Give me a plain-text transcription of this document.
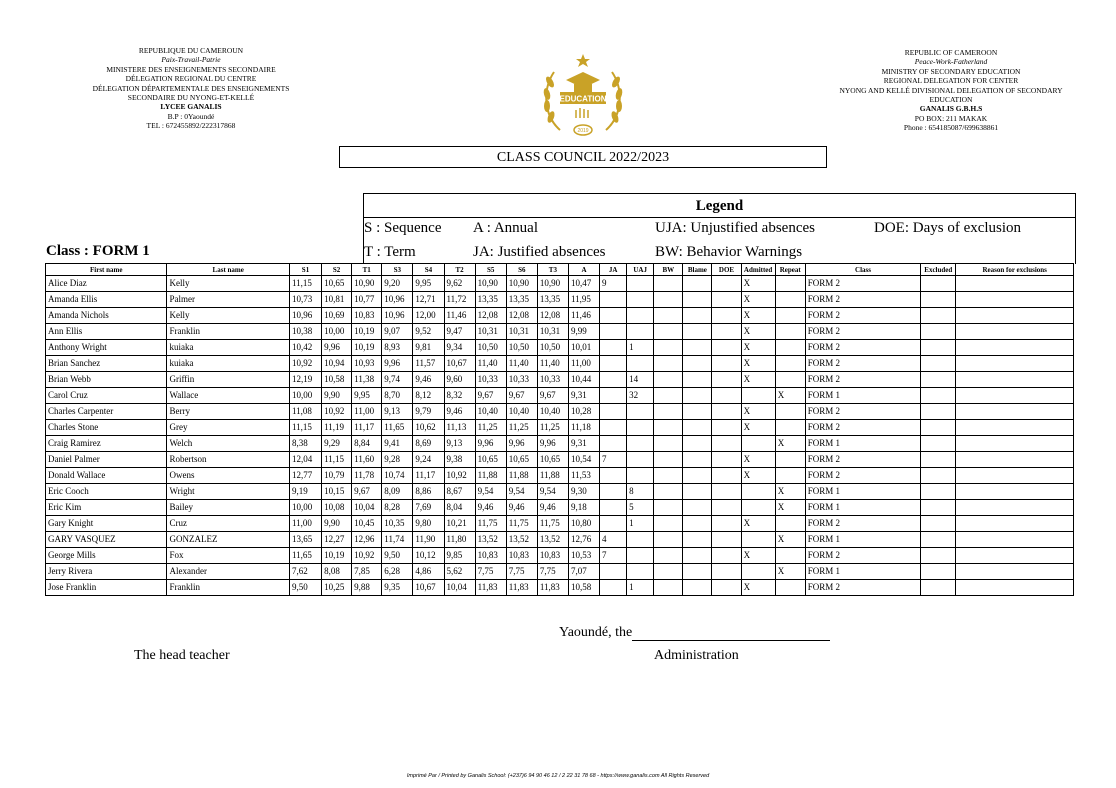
REPUBLIQUE DU CAMEROUN
Paix-Travail-Patrie
MINISTERE DES ENSEIGNEMENTS SECONDAIRE
DÉLEGATION REGIONAL DU CENTRE
DÉLEGATION DÉPARTEMENTALE DES ENSEIGNEMENTS
SECONDAIRE DU NYONG-ET-KELLÉ
LYCEE GANALIS
B.P : 0Yaoundé
TEL : 672455892/222317868
EDUCATION
2019
REPUBLIC OF CAMEROON
Peace-Work-Fatherland
MINISTRY OF SECONDARY EDUCATION
REGIONAL DELEGATION FOR CENTER
NYONG AND KELLÉ DIVISIONAL DELEGATION OF SECONDARY
EDUCATION
GANALIS G.B.H.S
PO BOX: 211 MAKAK
Phone : 654185087/699638861
CLASS COUNCIL 2022/2023
Legend
S : Sequence A : Annual	UJA: Unjustified absences	DOE: Days of exclusion
T : Term	JA: Justified absences	BW: Behavior Warnings
Class : FORM 1
First name	Last name	S1	S2	T1	S3	S4	T2	S5	S6	T3	A	JA	UAJ	BW	Blame	DOE	Admitted	Repeat	Class	Excluded	Reason for exclusions
Alice Diaz	Kelly	11,15	10,65	10,90	9,20	9,95	9,62	10,90	10,90	10,90	10,47	9					X		FORM 2		
Amanda Ellis	Palmer	10,73	10,81	10,77	10,96	12,71	11,72	13,35	13,35	13,35	11,95						X		FORM 2		
Amanda Nichols	Kelly	10,96	10,69	10,83	10,96	12,00	11,46	12,08	12,08	12,08	11,46						X		FORM 2		
Ann Ellis	Franklin	10,38	10,00	10,19	9,07	9,52	9,47	10,31	10,31	10,31	9,99						X		FORM 2		
Anthony Wright	kuiaka	10,42	9,96	10,19	8,93	9,81	9,34	10,50	10,50	10,50	10,01		1				X		FORM 2		
Brian Sanchez	kuiaka	10,92	10,94	10,93	9,96	11,57	10,67	11,40	11,40	11,40	11,00						X		FORM 2		
Brian Webb	Griffin	12,19	10,58	11,38	9,74	9,46	9,60	10,33	10,33	10,33	10,44		14				X		FORM 2		
Carol Cruz	Wallace	10,00	9,90	9,95	8,70	8,12	8,32	9,67	9,67	9,67	9,31		32					X	FORM 1		
Charles Carpenter	Berry	11,08	10,92	11,00	9,13	9,79	9,46	10,40	10,40	10,40	10,28						X		FORM 2		
Charles Stone	Grey	11,15	11,19	11,17	11,65	10,62	11,13	11,25	11,25	11,25	11,18						X		FORM 2		
Craig Ramirez	Welch	8,38	9,29	8,84	9,41	8,69	9,13	9,96	9,96	9,96	9,31							X	FORM 1		
Daniel Palmer	Robertson	12,04	11,15	11,60	9,28	9,24	9,38	10,65	10,65	10,65	10,54	7					X		FORM 2		
Donald Wallace	Owens	12,77	10,79	11,78	10,74	11,17	10,92	11,88	11,88	11,88	11,53						X		FORM 2		
Eric Cooch	Wright	9,19	10,15	9,67	8,09	8,86	8,67	9,54	9,54	9,54	9,30		8					X	FORM 1		
Eric Kim	Bailey	10,00	10,08	10,04	8,28	7,69	8,04	9,46	9,46	9,46	9,18		5					X	FORM 1		
Gary Knight	Cruz	11,00	9,90	10,45	10,35	9,80	10,21	11,75	11,75	11,75	10,80		1				X		FORM 2		
GARY VASQUEZ	GONZALEZ	13,65	12,27	12,96	11,74	11,90	11,80	13,52	13,52	13,52	12,76	4						X	FORM 1		
George Mills	Fox	11,65	10,19	10,92	9,50	10,12	9,85	10,83	10,83	10,83	10,53	7					X		FORM 2		
Jerry Rivera	Alexander	7,62	8,08	7,85	6,28	4,86	5,62	7,75	7,75	7,75	7,07							X	FORM 1		
Jose Franklin	Franklin	9,50	10,25	9,88	9,35	10,67	10,04	11,83	11,83	11,83	10,58		1				X		FORM 2		
Yaoundé, the
The head teacher	Administration
Imprimé Par / Printed by Ganalis School: (+237)6 94 90 46 12 / 2 22 31 78 68 - https://www.ganalis.com All Rights Reserved
